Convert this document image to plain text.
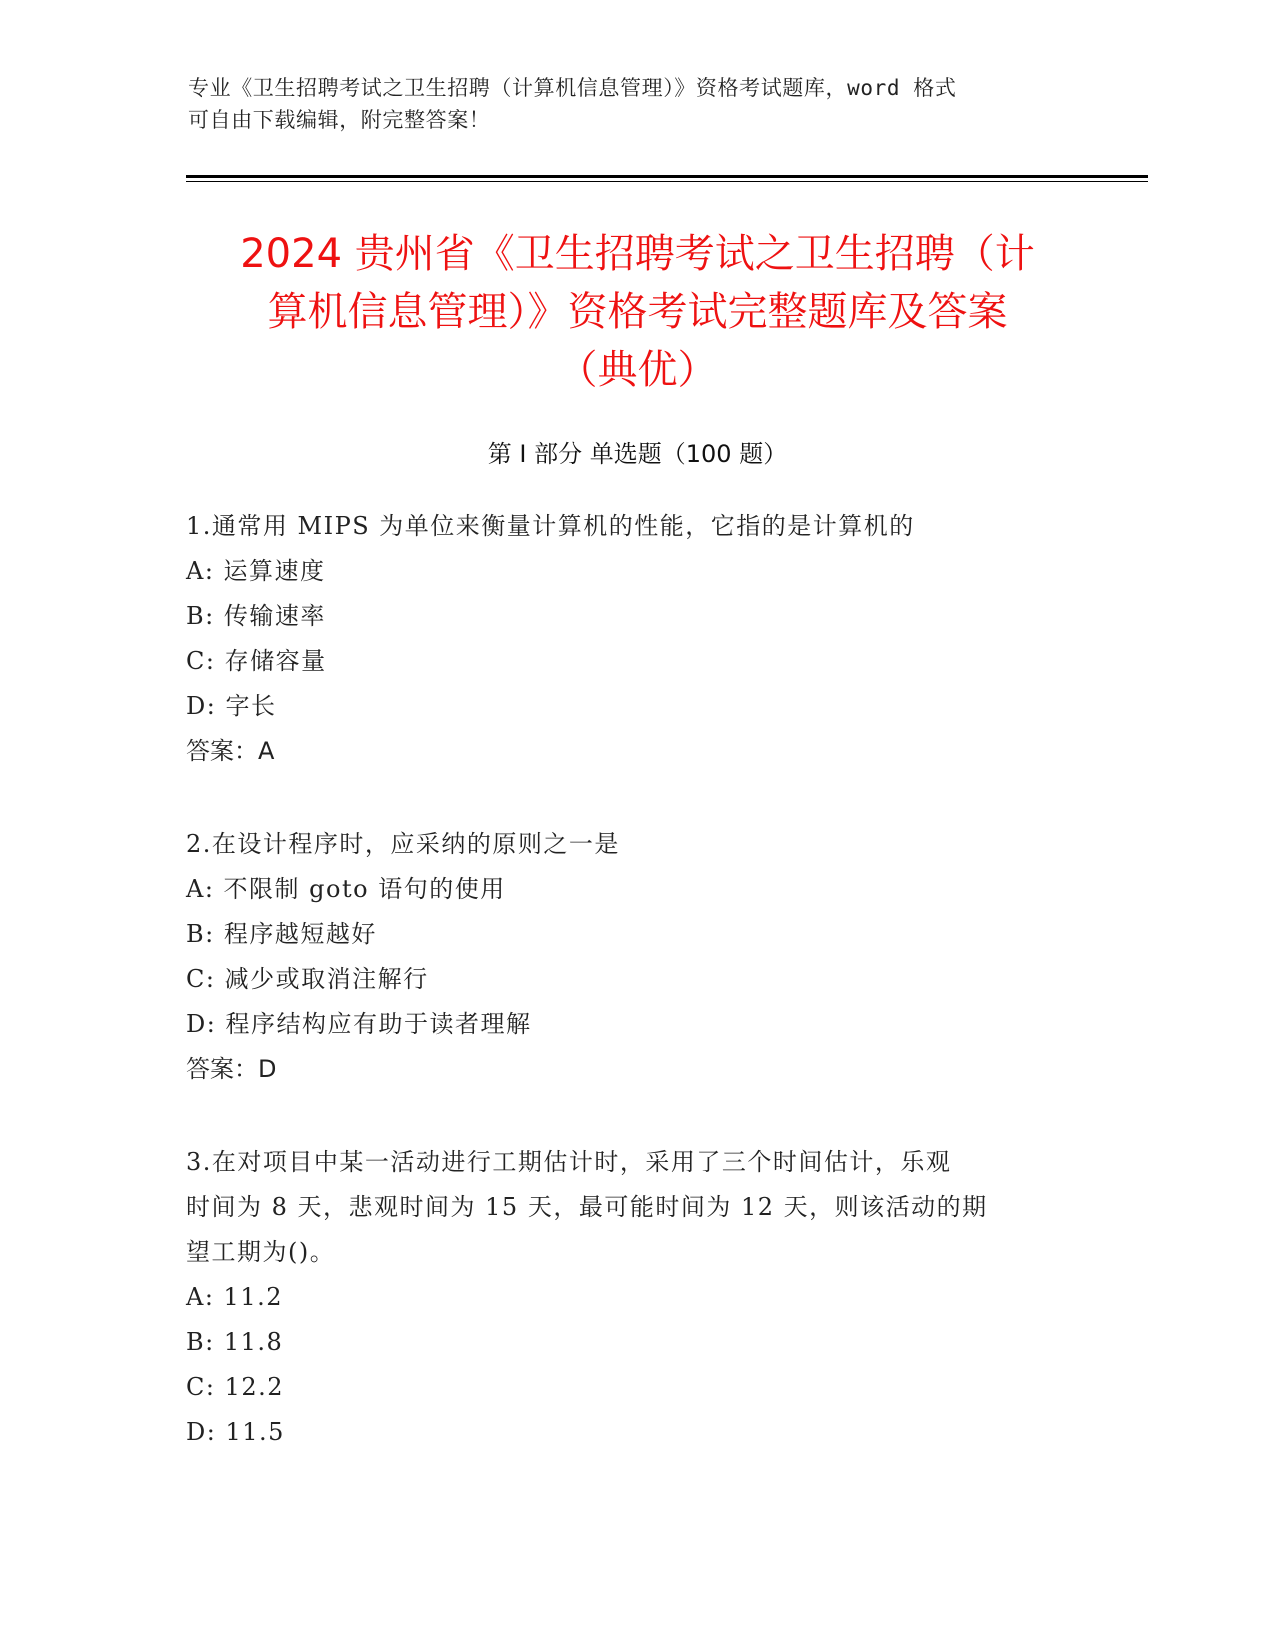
专业《卫生招聘考试之卫生招聘（计算机信息管理）》资格考试题库，word 格式
可自由下载编辑，附完整答案！
2024 贵州省《卫生招聘考试之卫生招聘（计
算机信息管理）》资格考试完整题库及答案
（典优）
第 I 部分 单选题（100 题）

1.通常用 MIPS 为单位来衡量计算机的性能，它指的是计算机的

A: 运算速度

B: 传输速率

C: 存储容量

D: 字长

答案：A

2.在设计程序时，应采纳的原则之一是

A: 不限制 goto 语句的使用

B: 程序越短越好

C: 减少或取消注解行

D: 程序结构应有助于读者理解

答案：D

3.在对项目中某一活动进行工期估计时，采用了三个时间估计，乐观

时间为 8 天，悲观时间为 15 天，最可能时间为 12 天，则该活动的期

望工期为()。

A: 11.2

B: 11.8

C: 12.2

D: 11.5
